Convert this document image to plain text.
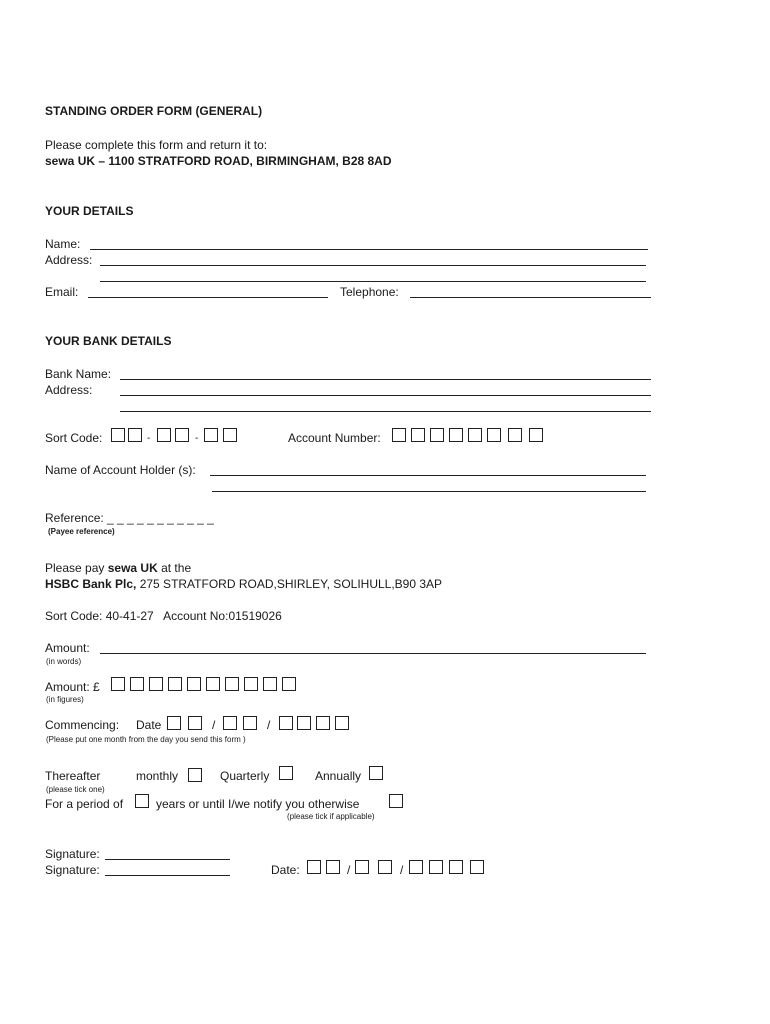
STANDING ORDER FORM (GENERAL)
Please complete this form and return it to:
sewa UK – 1100 STRATFORD ROAD, BIRMINGHAM, B28 8AD
YOUR DETAILS
Name:
Address:
Email:	Telephone:
YOUR BANK DETAILS
Bank Name:
Address:
Sort Code:	-	-	Account Number:
Name of Account Holder (s):
Reference: _ _ _ _ _ _ _ _ _ _ _
(Payee reference)
Please pay sewa UK at the
HSBC Bank Plc, 275 STRATFORD ROAD,SHIRLEY, SOLIHULL,B90 3AP
Sort Code: 40-41-27   Account No:01519026
Amount:
(in words)
Amount: £
(in figures)
Commencing: Date	/	/
(Please put one month from the day you send this form )
Thereafter	monthly	Quarterly	Annually
(please tick one)
For a period of	years or until I/we notify you otherwise
(please tick if applicable)
Signature:
Signature:	Date:	/	/
